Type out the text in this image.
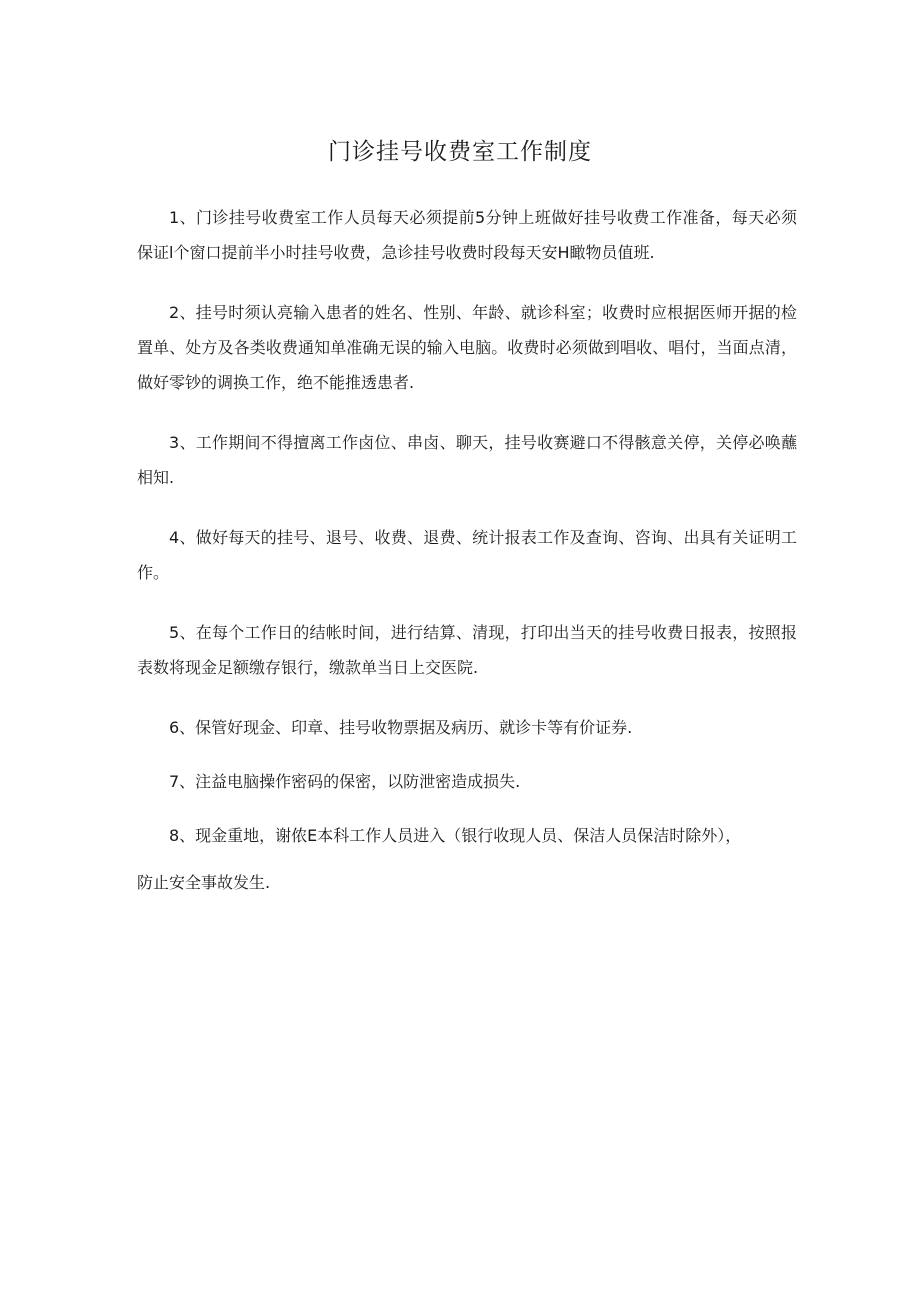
门诊挂号收费室工作制度

1、门诊挂号收费室工作人员每天必须提前5分钟上班做好挂号收费工作准备，每天必须保证l个窗口提前半小时挂号收费，急诊挂号收费时段每天安H瞰物员值班.

2、挂号时须认亮输入患者的姓名、性别、年龄、就诊科室；收费时应根据医师开据的检置单、处方及各类收费通知单准确无误的输入电脑。收费时必须做到唱收、唱付，当面点清，做好零钞的调换工作，绝不能推透患者.

3、工作期间不得擅离工作卤位、串卤、聊天，挂号收赛避口不得骸意关停，关停必唤蘸相知.

4、做好每天的挂号、退号、收费、退费、统计报表工作及查询、咨询、出具有关证明工作。

5、在每个工作日的结帐时间，进行结算、清现，打印出当天的挂号收费日报表，按照报表数将现金足额缴存银行，缴款单当日上交医院.

6、保管好现金、印章、挂号收物票据及病历、就诊卡等有价证券.

7、注益电脑操作密码的保密，以防泄密造成损失.

8、现金重地，谢侬E本科工作人员进入（银行收现人员、保洁人员保洁时除外），
防止安全事故发生.
